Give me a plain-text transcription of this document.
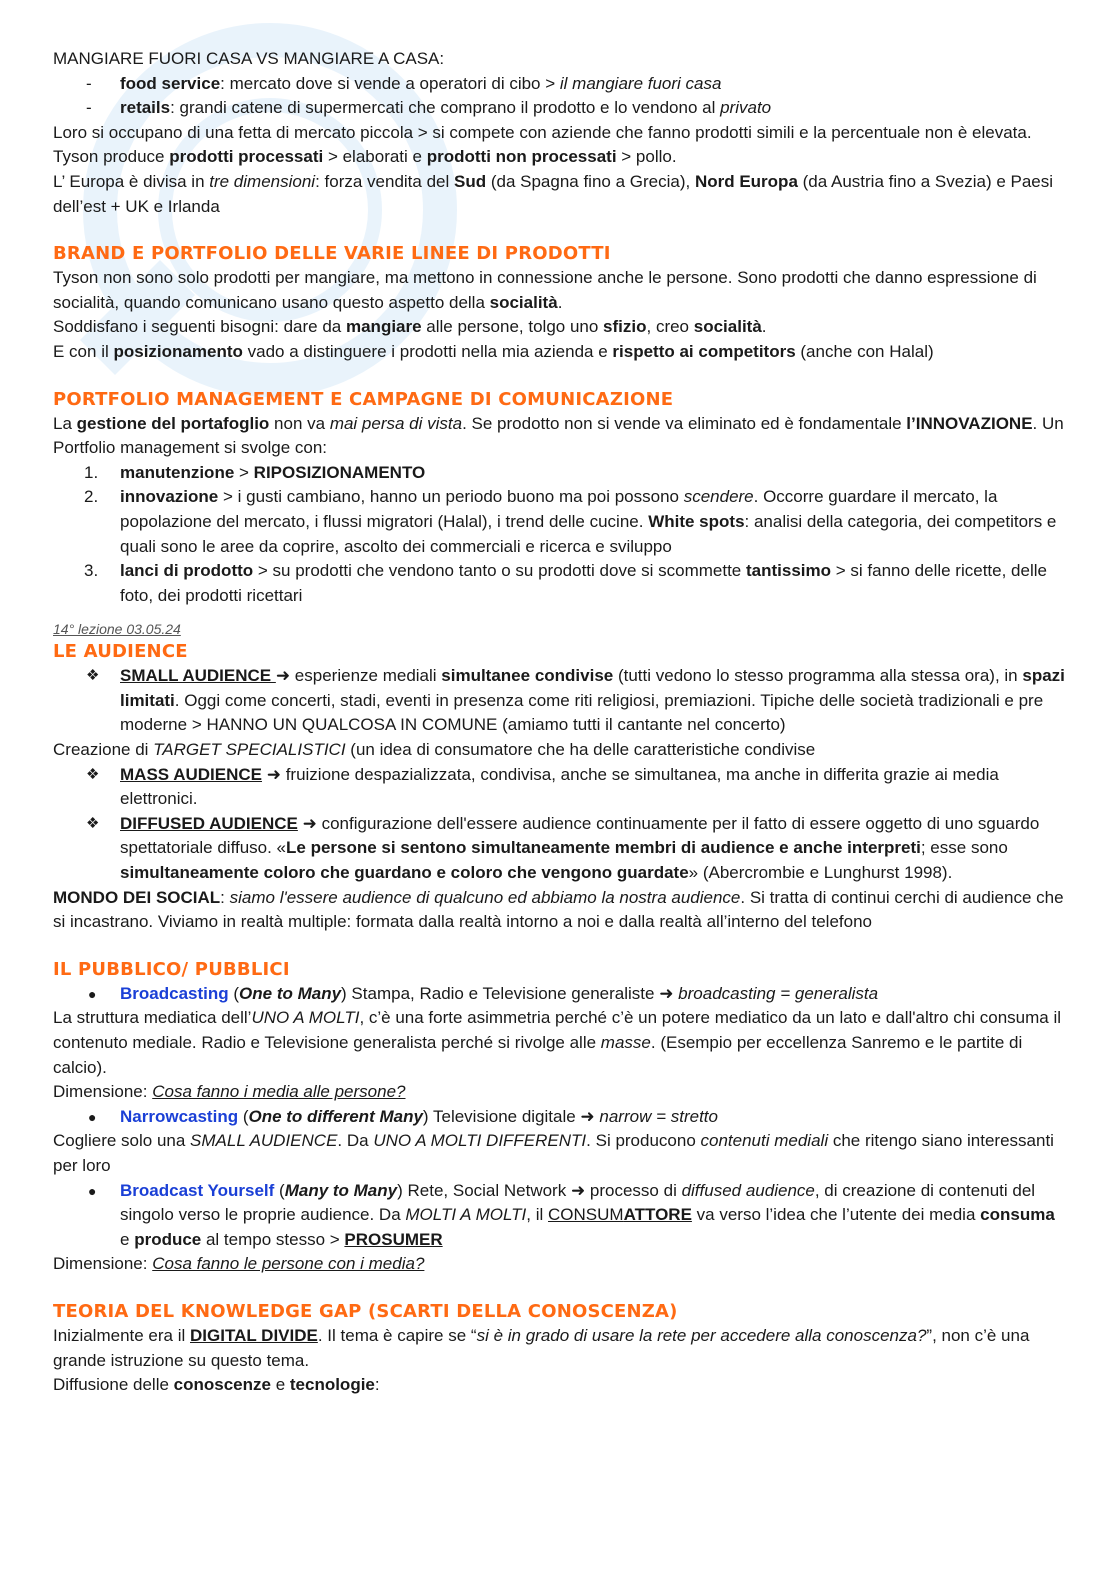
MANGIARE FUORI CASA VS MANGIARE A CASA:

- food service: mercato dove si vende a operatori di cibo > il mangiare fuori casa
- retails: grandi catene di supermercati che comprano il prodotto e lo vendono al privato

Loro si occupano di una fetta di mercato piccola > si compete con aziende che fanno prodotti simili e la percentuale non è elevata. Tyson produce prodotti processati > elaborati e prodotti non processati > pollo.

L’ Europa è divisa in tre dimensioni: forza vendita del Sud (da Spagna fino a Grecia), Nord Europa (da Austria fino a Svezia) e Paesi dell’est + UK e Irlanda

BRAND E PORTFOLIO DELLE VARIE LINEE DI PRODOTTI

Tyson non sono solo prodotti per mangiare, ma mettono in connessione anche le persone. Sono prodotti che danno espressione di socialità, quando comunicano usano questo aspetto della socialità.

Soddisfano i seguenti bisogni: dare da mangiare alle persone, tolgo uno sfizio, creo socialità.

E con il posizionamento vado a distinguere i prodotti nella mia azienda e rispetto ai competitors (anche con Halal)

PORTFOLIO MANAGEMENT E CAMPAGNE DI COMUNICAZIONE

La gestione del portafoglio non va mai persa di vista. Se prodotto non si vende va eliminato ed è fondamentale l’INNOVAZIONE. Un Portfolio management si svolge con:

1. manutenzione > RIPOSIZIONAMENTO
2. innovazione > i gusti cambiano, hanno un periodo buono ma poi possono scendere. Occorre guardare il mercato, la popolazione del mercato, i flussi migratori (Halal), i trend delle cucine. White spots: analisi della categoria, dei competitors e quali sono le aree da coprire, ascolto dei commerciali e ricerca e sviluppo
3. lanci di prodotto > su prodotti che vendono tanto o su prodotti dove si scommette tantissimo > si fanno delle ricette, delle foto, dei prodotti ricettari

14° lezione 03.05.24

LE AUDIENCE
❖ SMALL AUDIENCE ➜ esperienze mediali simultanee condivise (tutti vedono lo stesso programma alla stessa ora), in spazi limitati. Oggi come concerti, stadi, eventi in presenza come riti religiosi, premiazioni. Tipiche delle società tradizionali e pre moderne > HANNO UN QUALCOSA IN COMUNE (amiamo tutti il cantante nel concerto)

Creazione di TARGET SPECIALISTICI (un idea di consumatore che ha delle caratteristiche condivise

❖ MASS AUDIENCE ➜ fruizione despazializzata, condivisa, anche se simultanea, ma anche in differita grazie ai media elettronici.
❖ DIFFUSED AUDIENCE ➜ configurazione dell'essere audience continuamente per il fatto di essere oggetto di uno sguardo spettatoriale diffuso. «Le persone si sentono simultaneamente membri di audience e anche interpreti; esse sono simultaneamente coloro che guardano e coloro che vengono guardate» (Abercrombie e Lunghurst 1998).

MONDO DEI SOCIAL: siamo l'essere audience di qualcuno ed abbiamo la nostra audience. Si tratta di continui cerchi di audience che si incastrano. Viviamo in realtà multiple: formata dalla realtà intorno a noi e dalla realtà all’interno del telefono

IL PUBBLICO/ PUBBLICI
● Broadcasting (One to Many) Stampa, Radio e Televisione generaliste ➜ broadcasting = generalista

La struttura mediatica dell’UNO A MOLTI, c’è una forte asimmetria perché c’è un potere mediatico da un lato e dall'altro chi consuma il contenuto mediale. Radio e Televisione generalista perché si rivolge alle masse. (Esempio per eccellenza Sanremo e le partite di calcio).

Dimensione: Cosa fanno i media alle persone?

● Narrowcasting (One to different Many) Televisione digitale ➜ narrow = stretto

Cogliere solo una SMALL AUDIENCE. Da UNO A MOLTI DIFFERENTI. Si producono contenuti mediali che ritengo siano interessanti per loro

● Broadcast Yourself (Many to Many) Rete, Social Network ➜ processo di diffused audience, di creazione di contenuti del singolo verso le proprie audience. Da MOLTI A MOLTI, il CONSUMATTORE va verso l’idea che l’utente dei media consuma e produce al tempo stesso > PROSUMER

Dimensione: Cosa fanno le persone con i media?

TEORIA DEL KNOWLEDGE GAP (SCARTI DELLA CONOSCENZA)

Inizialmente era il DIGITAL DIVIDE. Il tema è capire se “si è in grado di usare la rete per accedere alla conoscenza?”, non c’è una grande istruzione su questo tema.

Diffusione delle conoscenze e tecnologie:
